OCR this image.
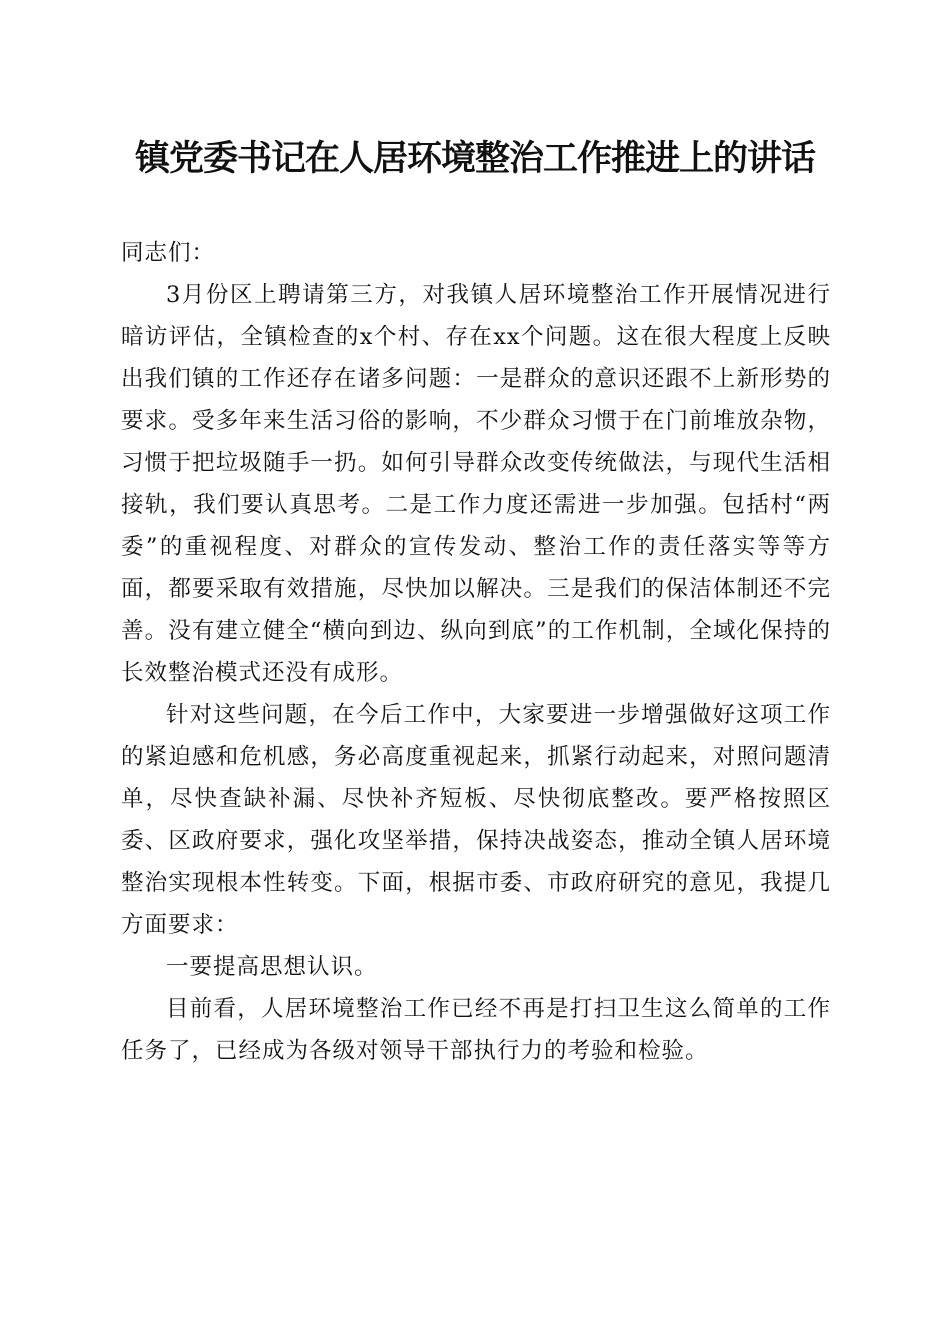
镇党委书记在人居环境整治工作推进上的讲话

同志们：

3月份区上聘请第三方，对我镇人居环境整治工作开展情况进行暗访评估，全镇检查的x个村、存在xx个问题。这在很大程度上反映出我们镇的工作还存在诸多问题：一是群众的意识还跟不上新形势的要求。受多年来生活习俗的影响，不少群众习惯于在门前堆放杂物，习惯于把垃圾随手一扔。如何引导群众改变传统做法，与现代生活相接轨，我们要认真思考。二是工作力度还需进一步加强。包括村“两委”的重视程度、对群众的宣传发动、整治工作的责任落实等等方面，都要采取有效措施，尽快加以解决。三是我们的保洁体制还不完善。没有建立健全“横向到边、纵向到底”的工作机制，全域化保持的长效整治模式还没有成形。

针对这些问题，在今后工作中，大家要进一步增强做好这项工作的紧迫感和危机感，务必高度重视起来，抓紧行动起来，对照问题清单，尽快查缺补漏、尽快补齐短板、尽快彻底整改。要严格按照区委、区政府要求，强化攻坚举措，保持决战姿态，推动全镇人居环境整治实现根本性转变。下面，根据市委、市政府研究的意见，我提几方面要求：

一要提高思想认识。

目前看，人居环境整治工作已经不再是打扫卫生这么简单的工作任务了，已经成为各级对领导干部执行力的考验和检验。
